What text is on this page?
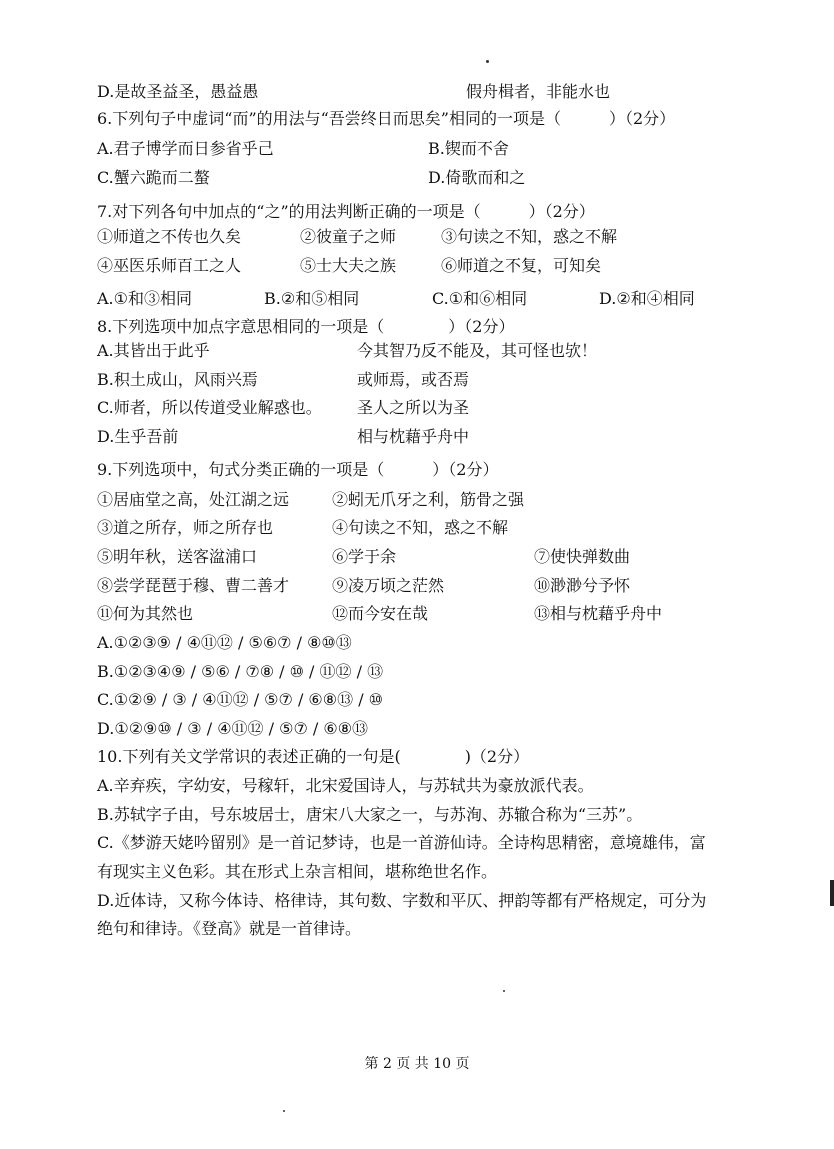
D.是故圣益圣，愚益愚	假舟楫者，非能水也
6.下列句子中虚词“而”的用法与“吾尝终日而思矣”相同的一项是（　　　）（2分）
A.君子博学而日参省乎己	B.锲而不舍
C.蟹六跪而二螯	D.倚歌而和之
7.对下列各句中加点的“之”的用法判断正确的一项是（　　　）（2分）
①师道之不传也久矣	②彼童子之师	③句读之不知，惑之不解
④巫医乐师百工之人	⑤士大夫之族	⑥师道之不复，可知矣
A.①和③相同	B.②和⑤相同	C.①和⑥相同	D.②和④相同
8.下列选项中加点字意思相同的一项是（　　　　）（2分）
A.其皆出于此乎	今其智乃反不能及，其可怪也欤！
B.积土成山，风雨兴焉	或师焉，或否焉
C.师者，所以传道受业解惑也。 圣人之所以为圣
D.生乎吾前	相与枕藉乎舟中
9.下列选项中，句式分类正确的一项是（　　　）（2分）
①居庙堂之高，处江湖之远	②蚓无爪牙之利，筋骨之强
③道之所存，师之所存也	④句读之不知，惑之不解
⑤明年秋，送客湓浦口	⑥学于余	⑦使快弹数曲
⑧尝学琵琶于穆、曹二善才	⑨凌万顷之茫然	⑩渺渺兮予怀
⑪何为其然也	⑫而今安在哉	⑬相与枕藉乎舟中
A.①②③⑨ / ④⑪⑫ / ⑤⑥⑦ / ⑧⑩⑬
B.①②③④⑨ / ⑤⑥ / ⑦⑧ / ⑩ / ⑪⑫ / ⑬
C.①②⑨ / ③ / ④⑪⑫ / ⑤⑦ / ⑥⑧⑬ / ⑩
D.①②⑨⑩ / ③ / ④⑪⑫ / ⑤⑦ / ⑥⑧⑬
10.下列有关文学常识的表述正确的一句是(　　　　)（2分）
A.辛弃疾，字幼安，号稼轩，北宋爱国诗人，与苏轼共为豪放派代表。
B.苏轼字子由，号东坡居士，唐宋八大家之一，与苏洵、苏辙合称为“三苏”。
C.《梦游天姥吟留别》是一首记梦诗，也是一首游仙诗。全诗构思精密，意境雄伟，富
有现实主义色彩。其在形式上杂言相间，堪称绝世名作。
D.近体诗，又称今体诗、格律诗，其句数、字数和平仄、押韵等都有严格规定，可分为
绝句和律诗。《登高》就是一首律诗。
第 2 页 共 10 页
